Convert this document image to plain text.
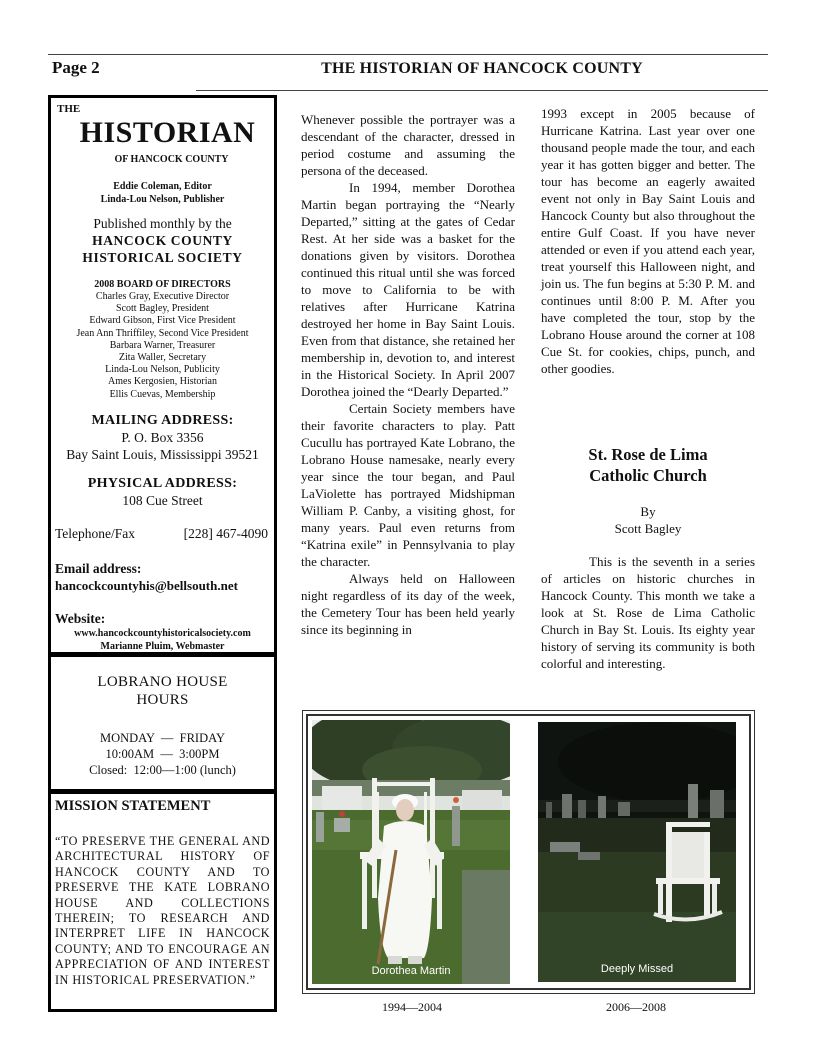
Page 2	THE HISTORIAN OF HANCOCK COUNTY
THE
HISTORIAN
OF HANCOCK COUNTY
Eddie Coleman, Editor
Linda-Lou Nelson, Publisher
Published monthly by the
HANCOCK COUNTY
HISTORICAL SOCIETY
2008 BOARD OF DIRECTORS
Charles Gray, Executive Director
Scott Bagley, President
Edward Gibson, First Vice President
Jean Ann Thriffiley, Second Vice President
Barbara Warner, Treasurer
Zita Waller, Secretary
Linda-Lou Nelson, Publicity
Ames Kergosien, Historian
Ellis Cuevas, Membership
MAILING ADDRESS:
P. O. Box 3356
Bay Saint Louis, Mississippi 39521
PHYSICAL ADDRESS:
108 Cue Street
Telephone/Fax	[228] 467-4090
Email address:
hancockcountyhis@bellsouth.net
Website:
www.hancockcountyhistoricalsociety.com
Marianne Pluim, Webmaster
LOBRANO HOUSE
HOURS
MONDAY  —  FRIDAY
10:00AM  —  3:00PM
Closed:  12:00—1:00 (lunch)
MISSION STATEMENT
“TO PRESERVE THE GENERAL AND ARCHITECTURAL HISTORY OF HANCOCK COUNTY AND TO PRESERVE THE KATE LOBRANO HOUSE AND COLLECTIONS THEREIN; TO RESEARCH AND INTERPRET LIFE IN HANCOCK COUNTY; AND TO ENCOURAGE AN APPRECIATION OF AND INTEREST IN HISTORICAL PRESERVATION.”

Whenever possible the portrayer was a descendant of the character, dressed in period costume and assuming the persona of the deceased.

In 1994, member Dorothea Martin began portraying the “Nearly Departed,” sitting at the gates of Cedar Rest. At her side was a basket for the donations given by visitors. Dorothea continued this ritual until she was forced to move to California to be with relatives after Hurricane Katrina destroyed her home in Bay Saint Louis. Even from that distance, she retained her membership in, devotion to, and interest in the Historical Society. In April 2007 Dorothea joined the “Dearly Departed.”

Certain Society members have their favorite characters to play. Patt Cucullu has portrayed Kate Lobrano, the Lobrano House namesake, nearly every year since the tour began, and Paul LaViolette has portrayed Midshipman William P. Canby, a visiting ghost, for many years. Paul even returns from “Katrina exile” in Pennsylvania to play the character.

Always held on Halloween night regardless of its day of the week, the Cemetery Tour has been held yearly since its beginning in

1993 except in 2005 because of Hurricane Katrina. Last year over one thousand people made the tour, and each year it has gotten bigger and better. The tour has become an eagerly awaited event not only in Bay Saint Louis and Hancock County but also throughout the entire Gulf Coast. If you have never attended or even if you attend each year, treat yourself this Halloween night, and join us. The fun begins at 5:30 P. M. and continues until 8:00 P. M. After you have completed the tour, stop by the Lobrano House around the corner at 108 Cue St. for cookies, chips, punch, and other goodies.

St. Rose de Lima
Catholic Church
By
Scott Bagley

This is the seventh in a series of articles on historic churches in Hancock County. This month we take a look at St. Rose de Lima Catholic Church in Bay St. Louis. Its eighty year history of serving its community is both colorful and interesting.

Dorothea Martin	Deeply Missed
1994—2004	2006—2008
